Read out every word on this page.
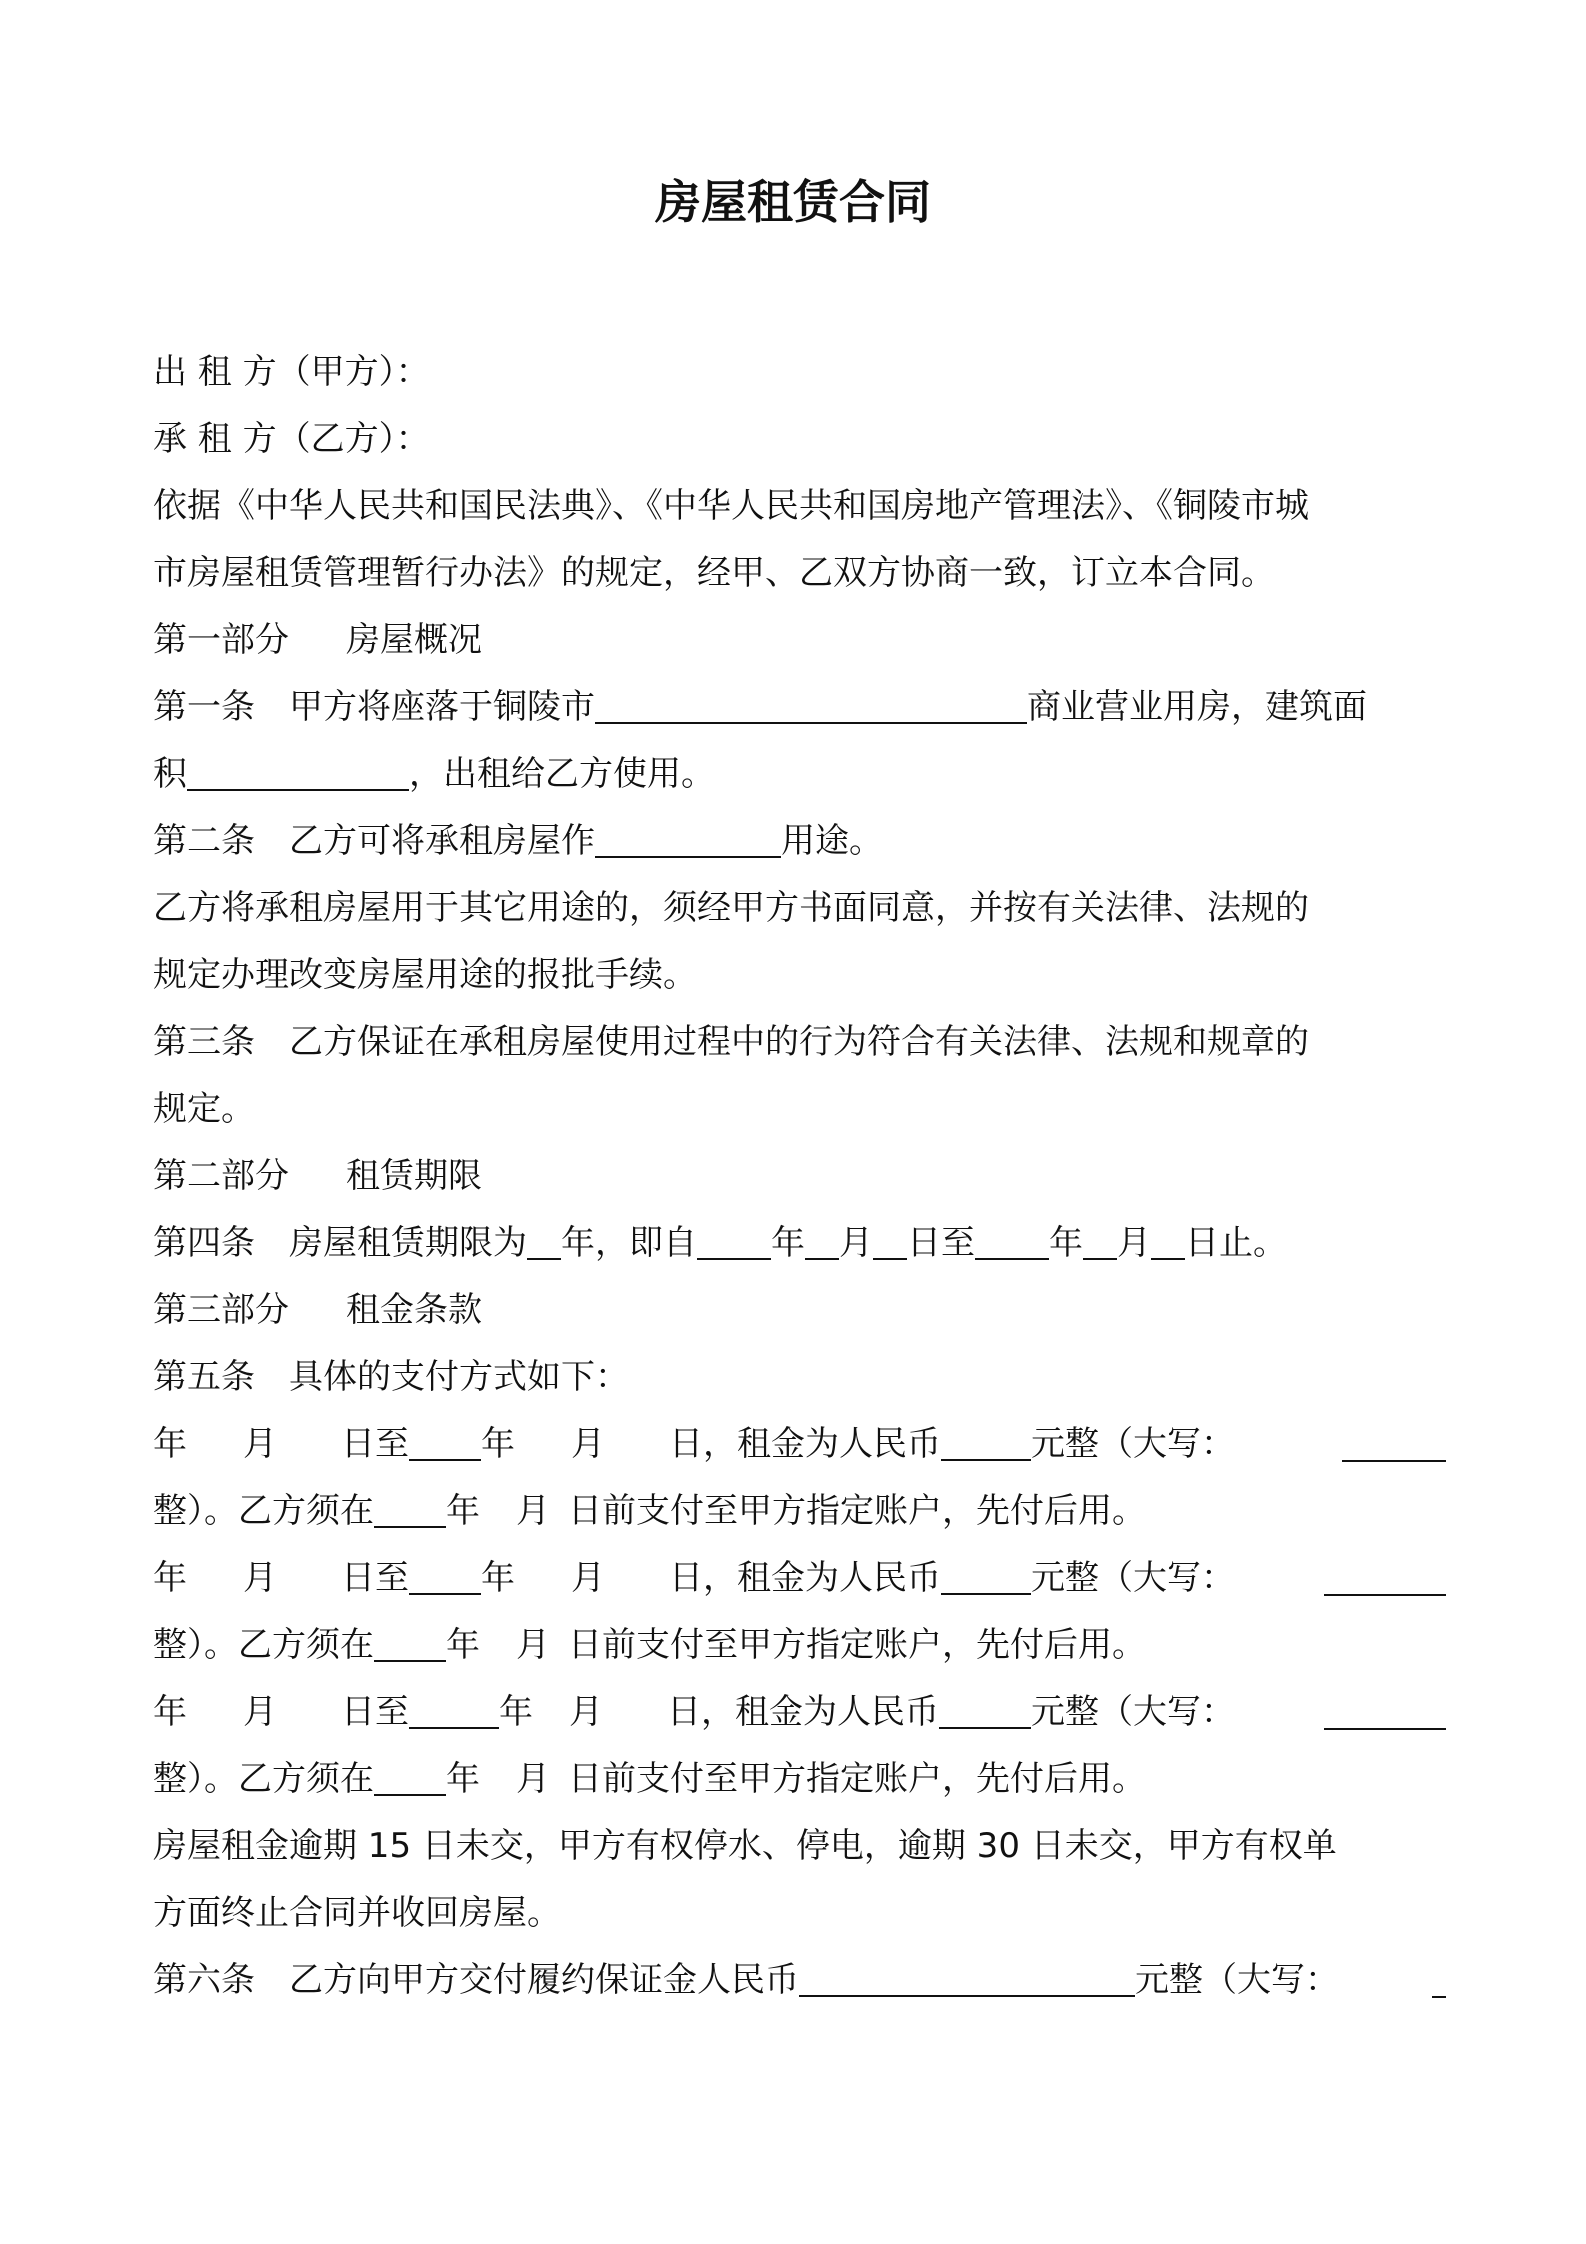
房屋租赁合同
出 租 方（甲方）：
承 租 方（乙方）：
依据《中华人民共和国民法典》、《中华人民共和国房地产管理法》、《铜陵市城
市房屋租赁管理暂行办法》的规定，经甲、乙双方协商一致，订立本合同。
第一部分 房屋概况
第一条 甲方将座落于铜陵市	商业营业用房，建筑面
积	，出租给乙方使用。
第二条 乙方可将承租房屋作	用途。
乙方将承租房屋用于其它用途的，须经甲方书面同意，并按有关法律、法规的
规定办理改变房屋用途的报批手续。
第三条 乙方保证在承租房屋使用过程中的行为符合有关法律、法规和规章的
规定。
第二部分 租赁期限
第四条 房屋租赁期限为 年，即自 年 月 日至 年 月 日止。
第三部分 租金条款
第五条 具体的支付方式如下：
年 月 日至 年 月 日，租金为人民币	元整（大写：
整）。乙方须在 年 月 日前支付至甲方指定账户，先付后用。
年 月 日至 年 月 日，租金为人民币	元整（大写：
整）。乙方须在 年 月 日前支付至甲方指定账户，先付后用。
年 月 日至	年 月 日，租金为人民币	元整（大写：
整）。乙方须在 年 月 日前支付至甲方指定账户，先付后用。
房屋租金逾期 15 日未交，甲方有权停水、停电，逾期 30 日未交，甲方有权单
方面终止合同并收回房屋。
第六条 乙方向甲方交付履约保证金人民币	元整（大写：
